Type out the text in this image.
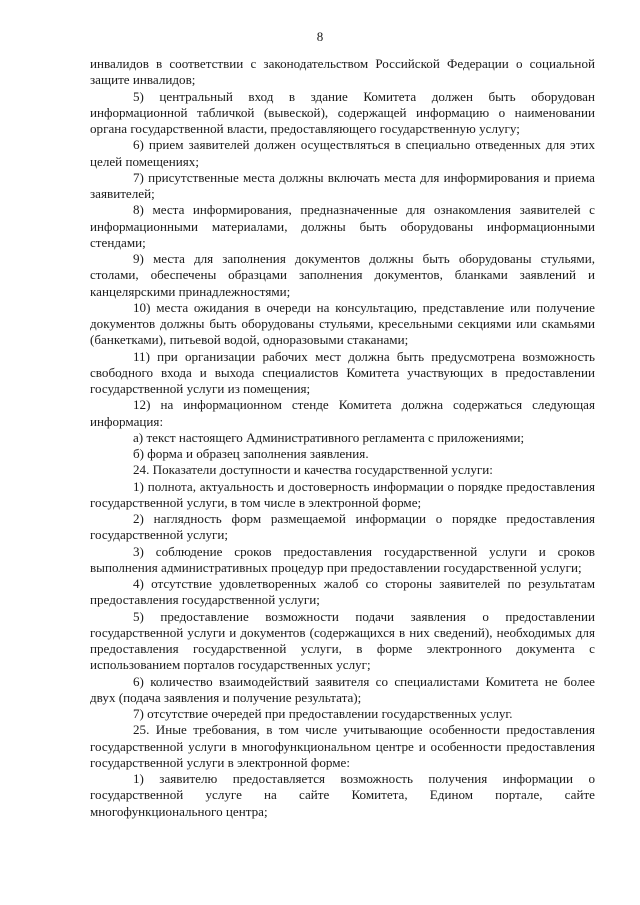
8

инвалидов в соответствии с законодательством Российской Федерации о социальной защите инвалидов;

5) центральный вход в здание Комитета должен быть оборудован информационной табличкой (вывеской), содержащей информацию о наименовании органа государственной власти, предоставляющего государственную услугу;

6) прием заявителей должен осуществляться в специально отведенных для этих целей помещениях;

7) присутственные места должны включать места для информирования и приема заявителей;

8) места информирования, предназначенные для ознакомления заявителей с информационными материалами, должны быть оборудованы информационными стендами;

9) места для заполнения документов должны быть оборудованы стульями, столами, обеспечены образцами заполнения документов, бланками заявлений и канцелярскими принадлежностями;

10) места ожидания в очереди на консультацию, представление или получение документов должны быть оборудованы стульями, кресельными секциями или скамьями (банкетками), питьевой водой, одноразовыми стаканами;

11) при организации рабочих мест должна быть предусмотрена возможность свободного входа и выхода специалистов Комитета участвующих в предоставлении государственной услуги из помещения;

12) на информационном стенде Комитета должна содержаться следующая информация:

а) текст настоящего Административного регламента с приложениями;

б) форма и образец заполнения заявления.

24. Показатели доступности и качества государственной услуги:

1) полнота, актуальность и достоверность информации о порядке предоставления государственной услуги, в том числе в электронной форме;

2) наглядность форм размещаемой информации о порядке предоставления государственной услуги;

3) соблюдение сроков предоставления государственной услуги и сроков выполнения административных процедур при предоставлении государственной услуги;

4) отсутствие удовлетворенных жалоб со стороны заявителей по результатам предоставления государственной услуги;

5) предоставление возможности подачи заявления о предоставлении государственной услуги и документов (содержащихся в них сведений), необходимых для предоставления государственной услуги, в форме электронного документа с использованием порталов государственных услуг;

6) количество взаимодействий заявителя со специалистами Комитета не более двух (подача заявления и получение результата);

7) отсутствие очередей при предоставлении государственных услуг.

25. Иные требования, в том числе учитывающие особенности предоставления государственной услуги в многофункциональном центре и особенности предоставления государственной услуги в электронной форме:

1) заявителю предоставляется возможность получения информации о государственной услуге на сайте Комитета, Едином портале, сайте многофункционального центра;
